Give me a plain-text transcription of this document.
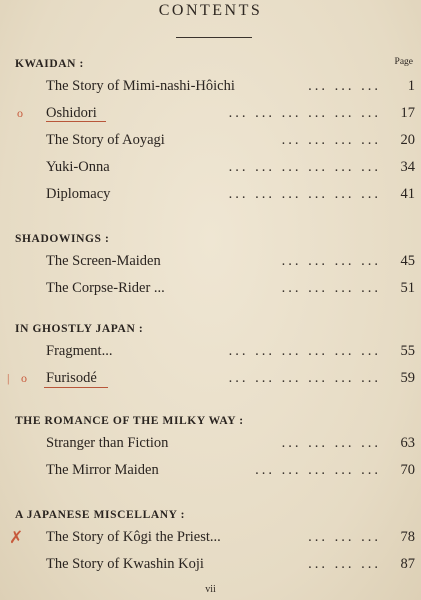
CONTENTS
KWAIDAN :	Page
The Story of Mimi-nashi-Hôichi	... ... ...	1
o Oshidori	... ... ... ... ... ...	17
The Story of Aoyagi	... ... ... ...	20
Yuki-Onna	... ... ... ... ... ...	34
Diplomacy	... ... ... ... ... ...	41
SHADOWINGS :
The Screen-Maiden	... ... ... ...	45
The Corpse-Rider ...	... ... ... ...	51
IN GHOSTLY JAPAN :
Fragment...	... ... ... ... ... ...	55
| o Furisodé	... ... ... ... ... ...	59
THE ROMANCE OF THE MILKY WAY :
Stranger than Fiction	... ... ... ...	63
The Mirror Maiden	... ... ... ... ...	70
A JAPANESE MISCELLANY :
✗ The Story of Kôgi the Priest...	... ... ...	78
The Story of Kwashin Koji	... ... ...	87
vii
